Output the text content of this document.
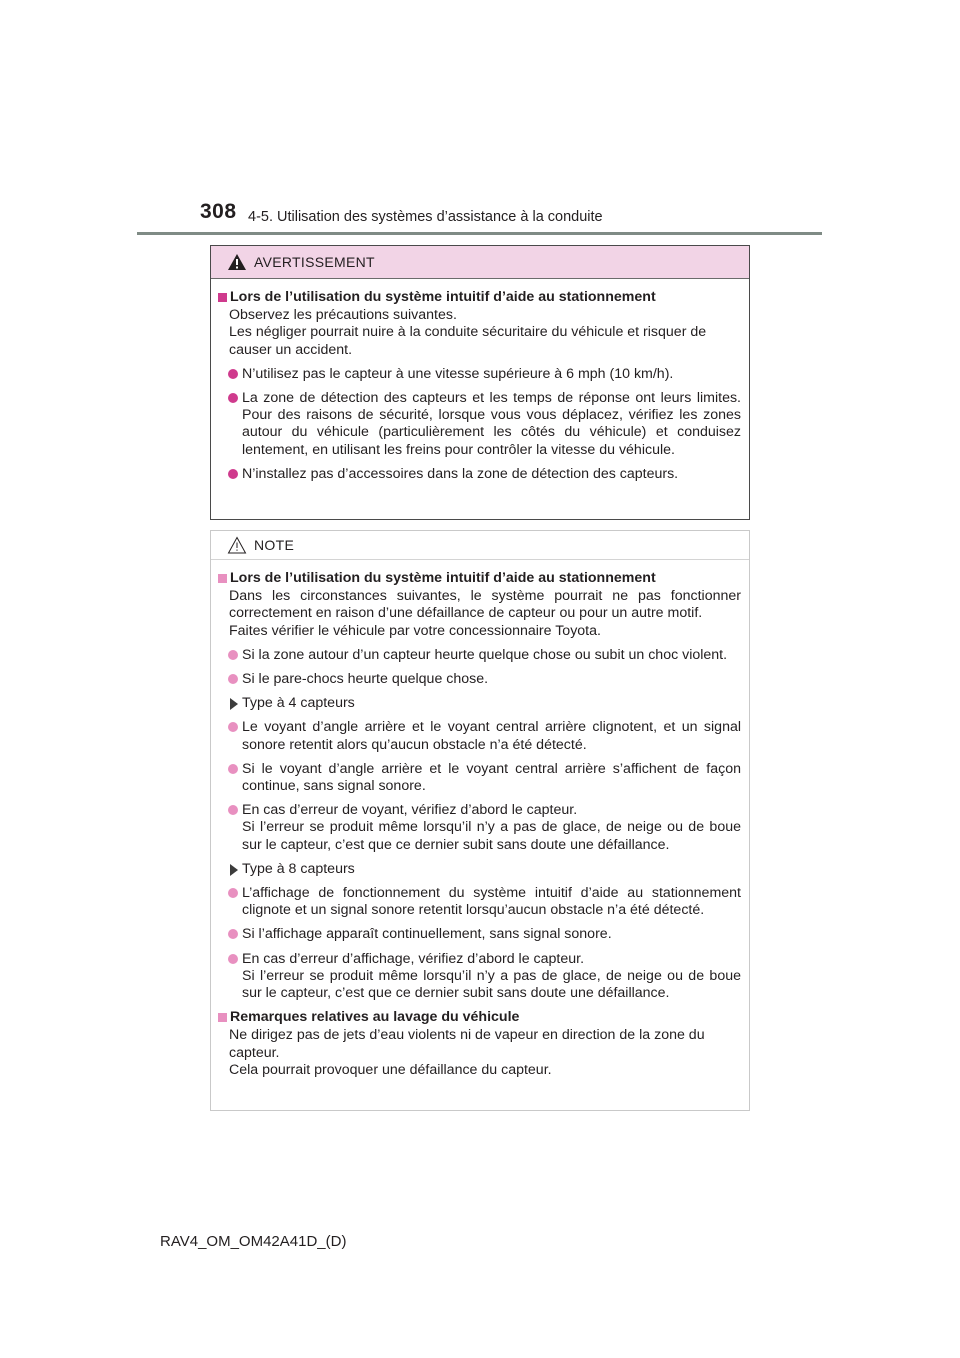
308 4-5. Utilisation des systèmes d’assistance à la conduite
AVERTISSEMENT
Lors de l’utilisation du système intuitif d’aide au stationnement
Observez les précautions suivantes.
Les négliger pourrait nuire à la conduite sécuritaire du véhicule et risquer de causer un accident.
N’utilisez pas le capteur à une vitesse supérieure à 6 mph (10 km/h).
La zone de détection des capteurs et les temps de réponse ont leurs limites. Pour des raisons de sécurité, lorsque vous vous déplacez, vérifiez les zones autour du véhicule (particulièrement les côtés du véhicule) et conduisez lentement, en utilisant les freins pour contrôler la vitesse du véhicule.
N’installez pas d’accessoires dans la zone de détection des capteurs.
NOTE
Lors de l’utilisation du système intuitif d’aide au stationnement
Dans les circonstances suivantes, le système pourrait ne pas fonctionner correctement en raison d’une défaillance de capteur ou pour un autre motif.
Faites vérifier le véhicule par votre concessionnaire Toyota.
Si la zone autour d’un capteur heurte quelque chose ou subit un choc violent.
Si le pare-chocs heurte quelque chose.
Type à 4 capteurs
Le voyant d’angle arrière et le voyant central arrière clignotent, et un signal sonore retentit alors qu’aucun obstacle n’a été détecté.
Si le voyant d’angle arrière et le voyant central arrière s’affichent de façon continue, sans signal sonore.
En cas d’erreur de voyant, vérifiez d’abord le capteur.
Si l’erreur se produit même lorsqu’il n’y a pas de glace, de neige ou de boue sur le capteur, c’est que ce dernier subit sans doute une défaillance.
Type à 8 capteurs
L’affichage de fonctionnement du système intuitif d’aide au stationnement clignote et un signal sonore retentit lorsqu’aucun obstacle n’a été détecté.
Si l’affichage apparaît continuellement, sans signal sonore.
En cas d’erreur d’affichage, vérifiez d’abord le capteur.
Si l’erreur se produit même lorsqu’il n’y a pas de glace, de neige ou de boue sur le capteur, c’est que ce dernier subit sans doute une défaillance.
Remarques relatives au lavage du véhicule
Ne dirigez pas de jets d’eau violents ni de vapeur en direction de la zone du capteur.
Cela pourrait provoquer une défaillance du capteur.
RAV4_OM_OM42A41D_(D)
